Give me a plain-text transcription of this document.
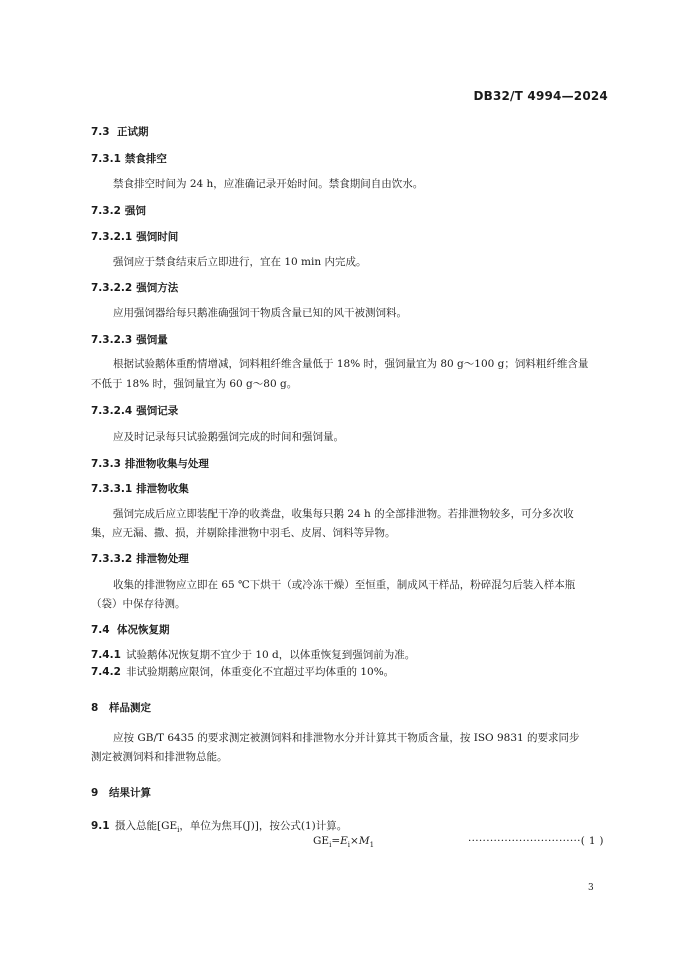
DB32/T 4994—2024
7.3 正试期
7.3.1 禁食排空
禁食排空时间为 24 h，应准确记录开始时间。禁食期间自由饮水。
7.3.2 强饲
7.3.2.1 强饲时间
强饲应于禁食结束后立即进行，宜在 10 min 内完成。
7.3.2.2 强饲方法
应用强饲器给每只鹅准确强饲干物质含量已知的风干被测饲料。
7.3.2.3 强饲量
根据试验鹅体重酌情增减，饲料粗纤维含量低于 18% 时，强饲量宜为 80 g～100 g；饲料粗纤维含量
不低于 18% 时，强饲量宜为 60 g～80 g。
7.3.2.4 强饲记录
应及时记录每只试验鹅强饲完成的时间和强饲量。
7.3.3 排泄物收集与处理
7.3.3.1 排泄物收集
强饲完成后应立即装配干净的收粪盘，收集每只鹅 24 h 的全部排泄物。若排泄物较多，可分多次收
集，应无漏、撒、损，并剔除排泄物中羽毛、皮屑、饲料等异物。
7.3.3.2 排泄物处理
收集的排泄物应立即在 65 ℃下烘干（或冷冻干燥）至恒重，制成风干样品，粉碎混匀后装入样本瓶
（袋）中保存待测。
7.4 体况恢复期
7.4.1 试验鹅体况恢复期不宜少于 10 d，以体重恢复到强饲前为准。
7.4.2 非试验期鹅应限饲，体重变化不宜超过平均体重的 10%。
8 样品测定
应按 GB/T 6435 的要求测定被测饲料和排泄物水分并计算其干物质含量，按 ISO 9831 的要求同步
测定被测饲料和排泄物总能。
9 结果计算
9.1 摄入总能[$GE_i$，单位为焦耳(J)]，按公式(1)计算。
$GE_i=E_i\times M_1$	·······························( 1 )
3
